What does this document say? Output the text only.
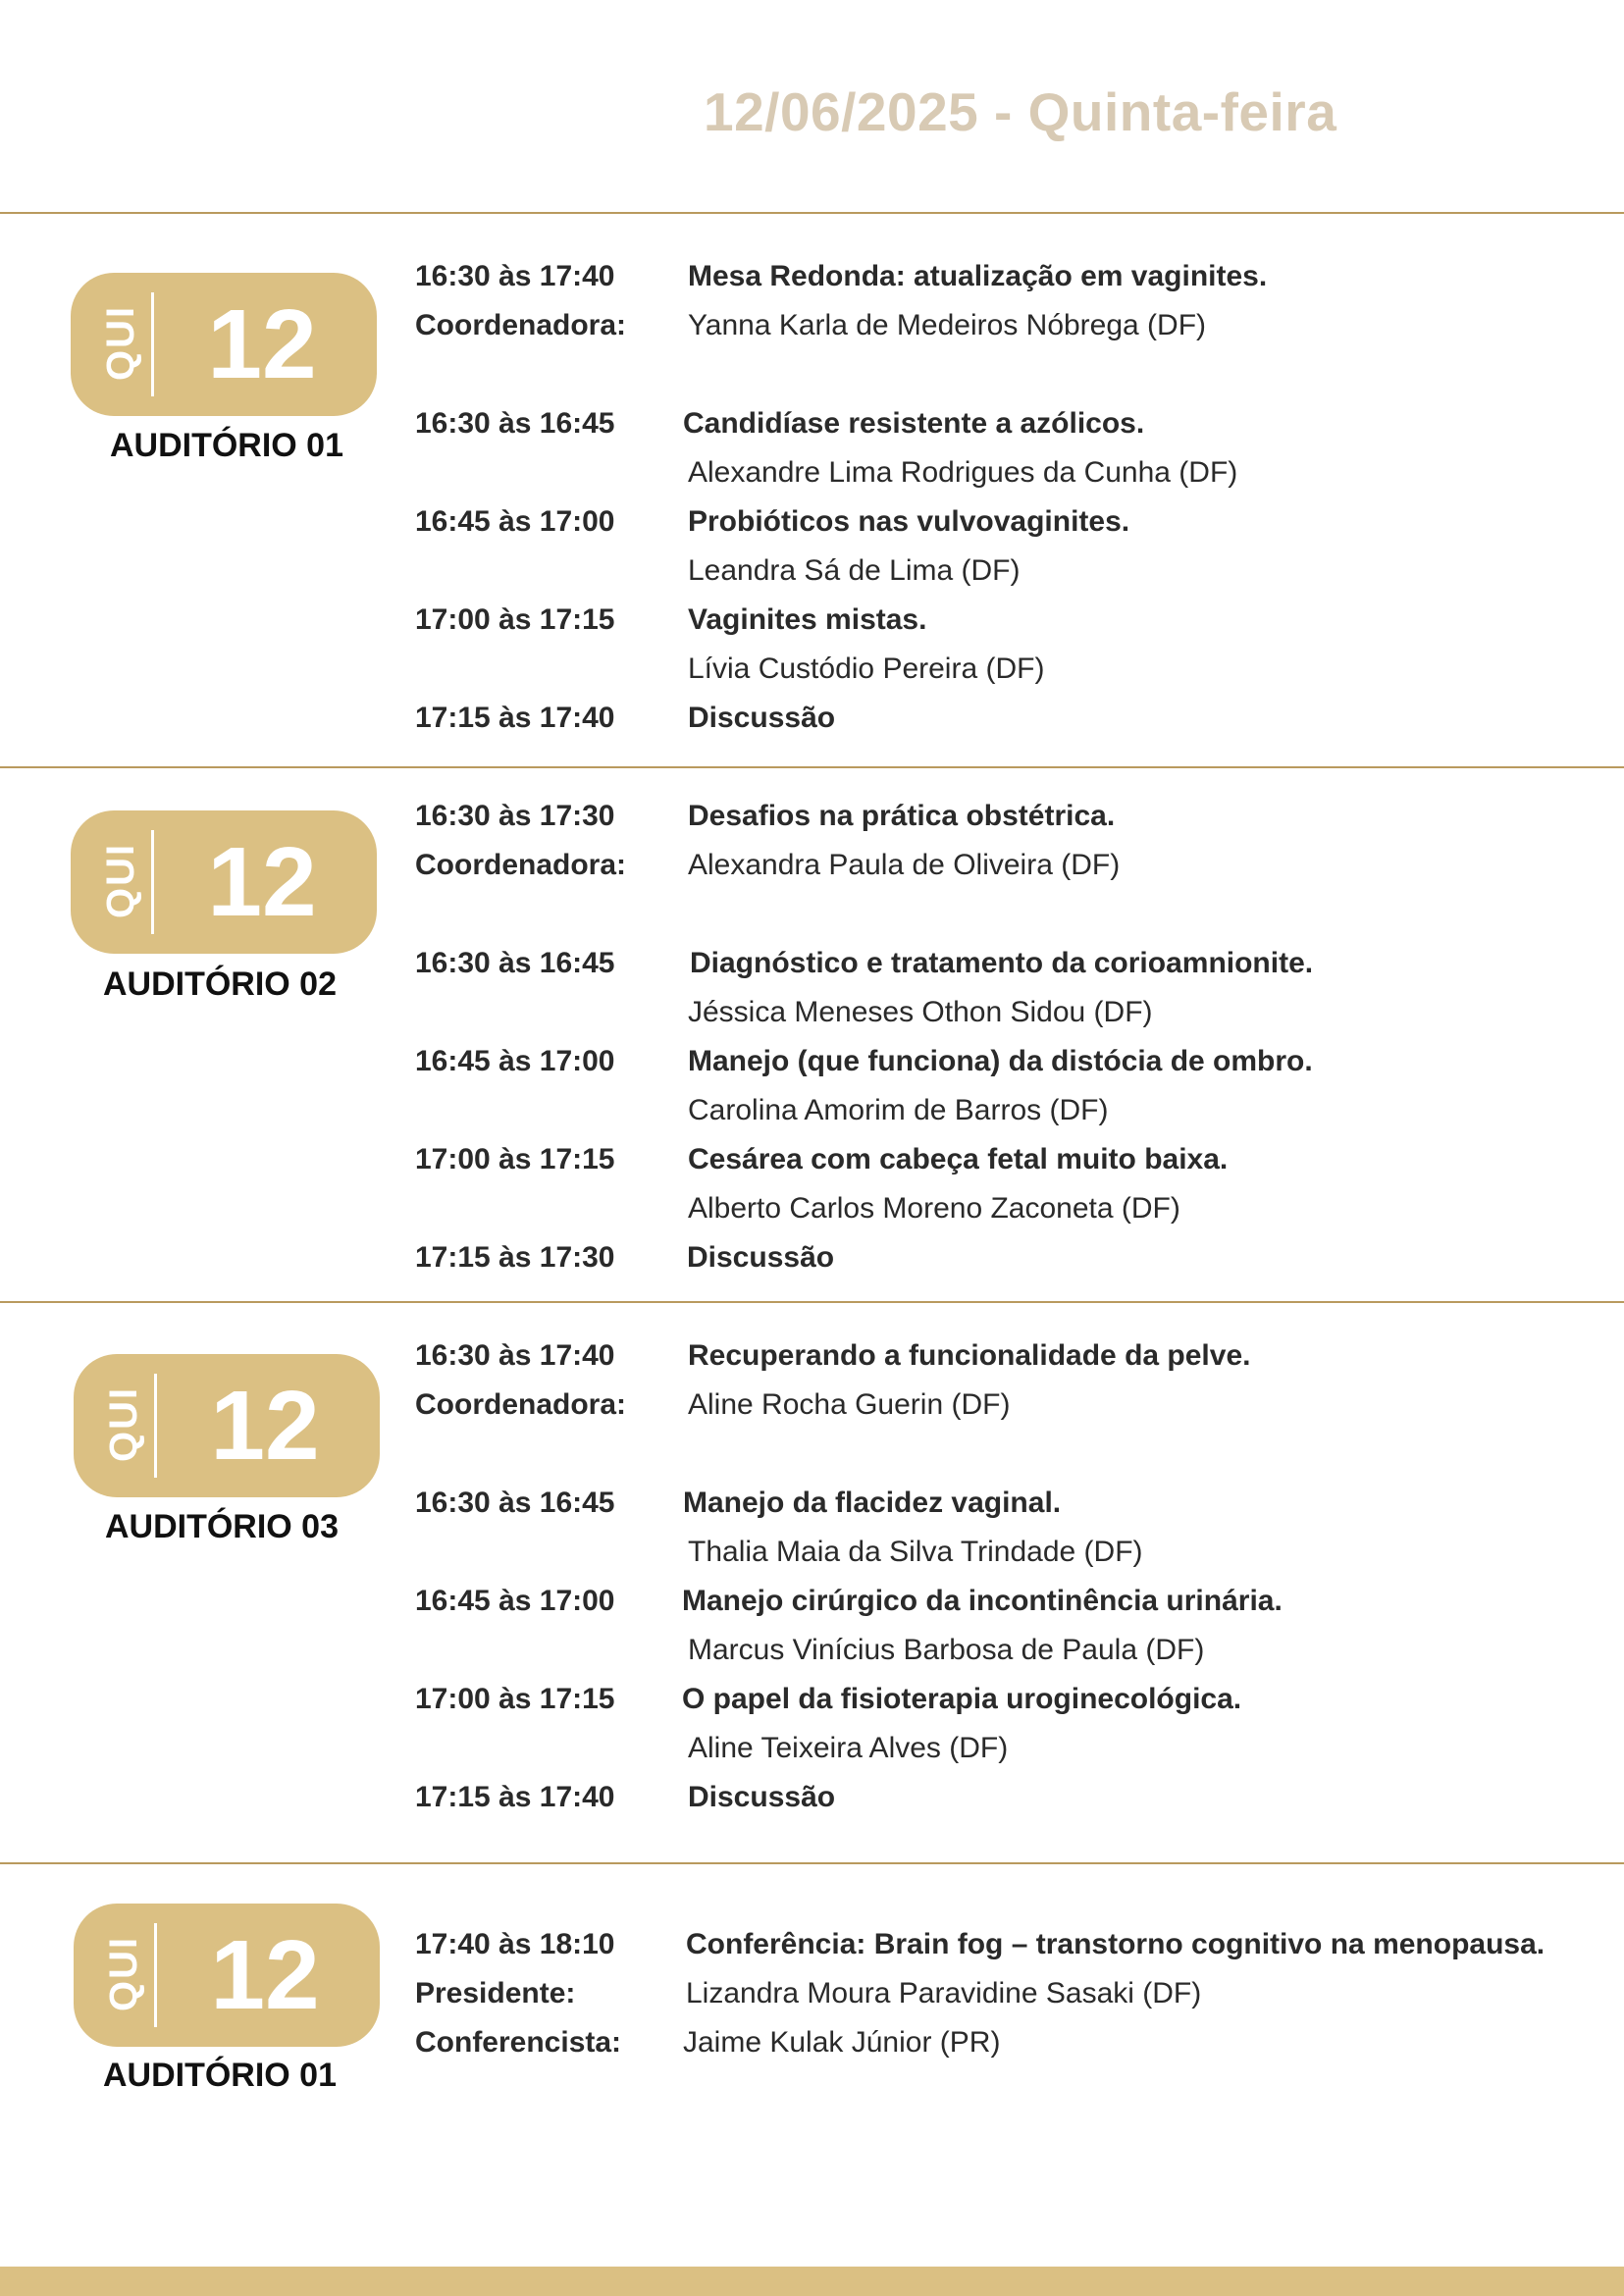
12/06/2025 - Quinta-feira
QUI 12
AUDITÓRIO 01
16:30 às 17:40 Mesa Redonda: atualização em vaginites.
Coordenadora: Yanna Karla de Medeiros Nóbrega (DF)
16:30 às 16:45 Candidíase resistente a azólicos.
Alexandre Lima Rodrigues da Cunha (DF)
16:45 às 17:00 Probióticos nas vulvovaginites.
Leandra Sá de Lima (DF)
17:00 às 17:15 Vaginites mistas.
Lívia Custódio Pereira (DF)
17:15 às 17:40 Discussão
QUI 12
AUDITÓRIO 02
16:30 às 17:30 Desafios na prática obstétrica.
Coordenadora: Alexandra Paula de Oliveira (DF)
16:30 às 16:45	Diagnóstico e tratamento da corioamnionite.
Jéssica Meneses Othon Sidou (DF)
16:45 às 17:00 Manejo (que funciona) da distócia de ombro.
Carolina Amorim de Barros (DF)
17:00 às 17:15 Cesárea com cabeça fetal muito baixa.
Alberto Carlos Moreno Zaconeta (DF)
17:15 às 17:30 Discussão
QUI 12
AUDITÓRIO 03
16:30 às 17:40 Recuperando a funcionalidade da pelve.
Coordenadora: Aline Rocha Guerin (DF)
16:30 às 16:45 Manejo da flacidez vaginal.
Thalia Maia da Silva Trindade (DF)
16:45 às 17:00 Manejo cirúrgico da incontinência urinária.
Marcus Vinícius Barbosa de Paula (DF)
17:00 às 17:15 O papel da fisioterapia uroginecológica.
Aline Teixeira Alves (DF)
17:15 às 17:40 Discussão
QUI 12
AUDITÓRIO 01
17:40 às 18:10 Conferência: Brain fog – transtorno cognitivo na menopausa.
Presidente:	Lizandra Moura Paravidine Sasaki (DF)
Conferencista: Jaime Kulak Júnior (PR)
